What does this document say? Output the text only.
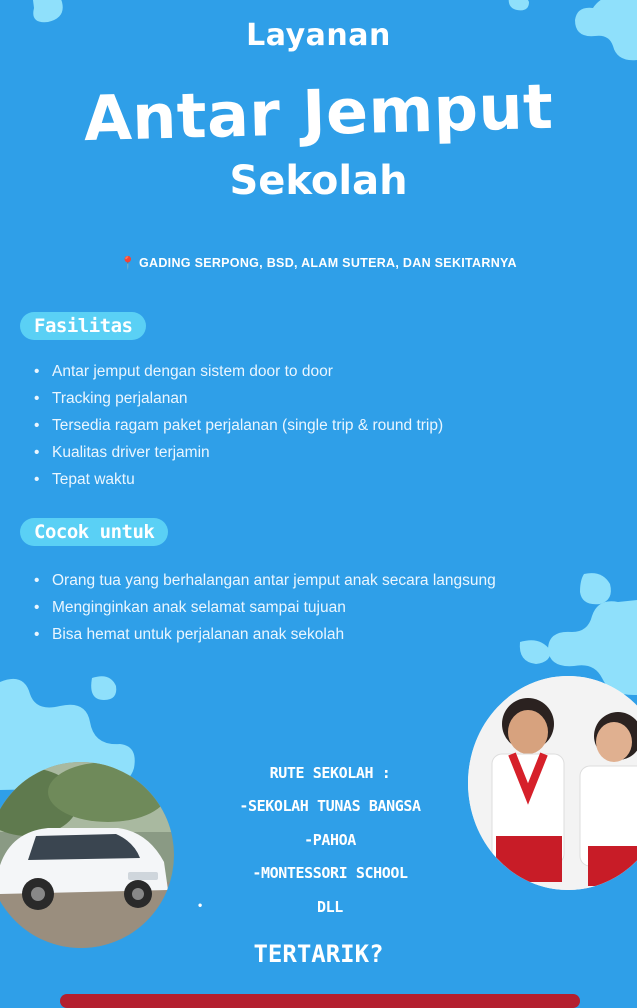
Layanan
Antar Jemput
Sekolah
📍 GADING SERPONG, BSD, ALAM SUTERA, DAN SEKITARNYA
Fasilitas
• Antar jemput dengan sistem door to door
• Tracking perjalanan
• Tersedia ragam paket perjalanan (single trip & round trip)
• Kualitas driver terjamin
• Tepat waktu
Cocok untuk
• Orang tua yang berhalangan antar jemput anak secara langsung
• Menginginkan anak selamat sampai tujuan
• Bisa hemat untuk perjalanan anak sekolah
RUTE SEKOLAH :
-SEKOLAH TUNAS BANGSA
-PAHOA
-MONTESSORI SCHOOL
DLL
•
TERTARIK?
